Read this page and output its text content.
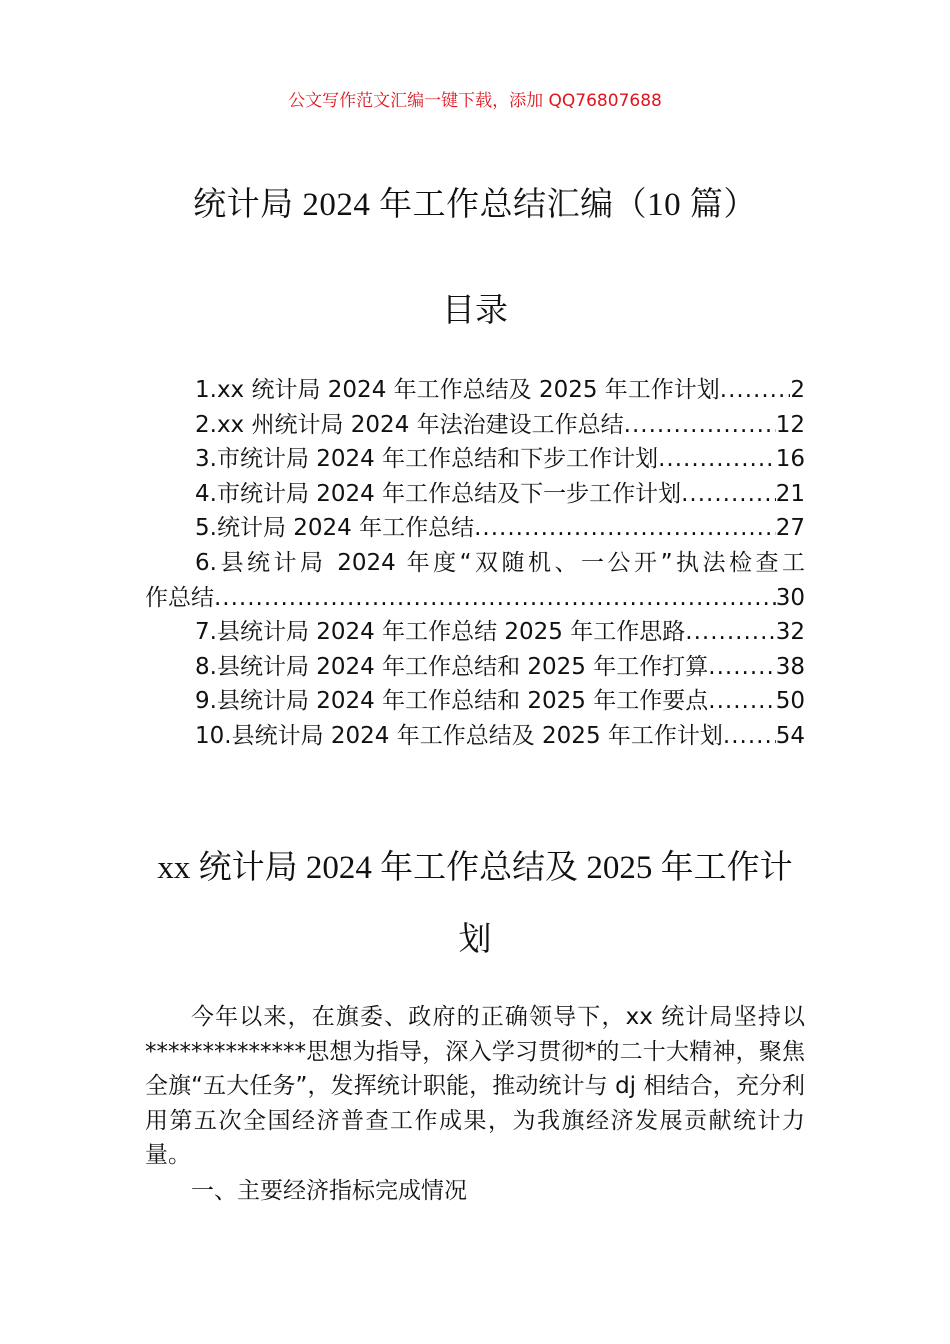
公文写作范文汇编一键下载，添加 QQ76807688
统计局 2024 年工作总结汇编（10 篇）
目录
1.xx 统计局 2024 年工作总结及 2025 年工作计划 .....	2
2.xx 州统计局 2024 年法治建设工作总结 .....	12
3.市统计局 2024 年工作总结和下步工作计划 .....	16
4.市统计局 2024 年工作总结及下一步工作计划 .....	21
5.统计局 2024 年工作总结 .....	27
6.县统计局 2024 年度“双随机、一公开”执法检查工
作总结 .....	30
7.县统计局 2024 年工作总结 2025 年工作思路 .....	32
8.县统计局 2024 年工作总结和 2025 年工作打算 .....	38
9.县统计局 2024 年工作总结和 2025 年工作要点 .....	50
10.县统计局 2024 年工作总结及 2025 年工作计划 ..... 54
xx 统计局 2024 年工作总结及 2025 年工作计划
今年以来，在旗委、政府的正确领导下，xx 统计局坚持以**************思想为指导，深入学习贯彻*的二十大精神，聚焦全旗“五大任务”，发挥统计职能，推动统计与 dj 相结合，充分利用第五次全国经济普查工作成果，为我旗经济发展贡献统计力量。
一、主要经济指标完成情况
